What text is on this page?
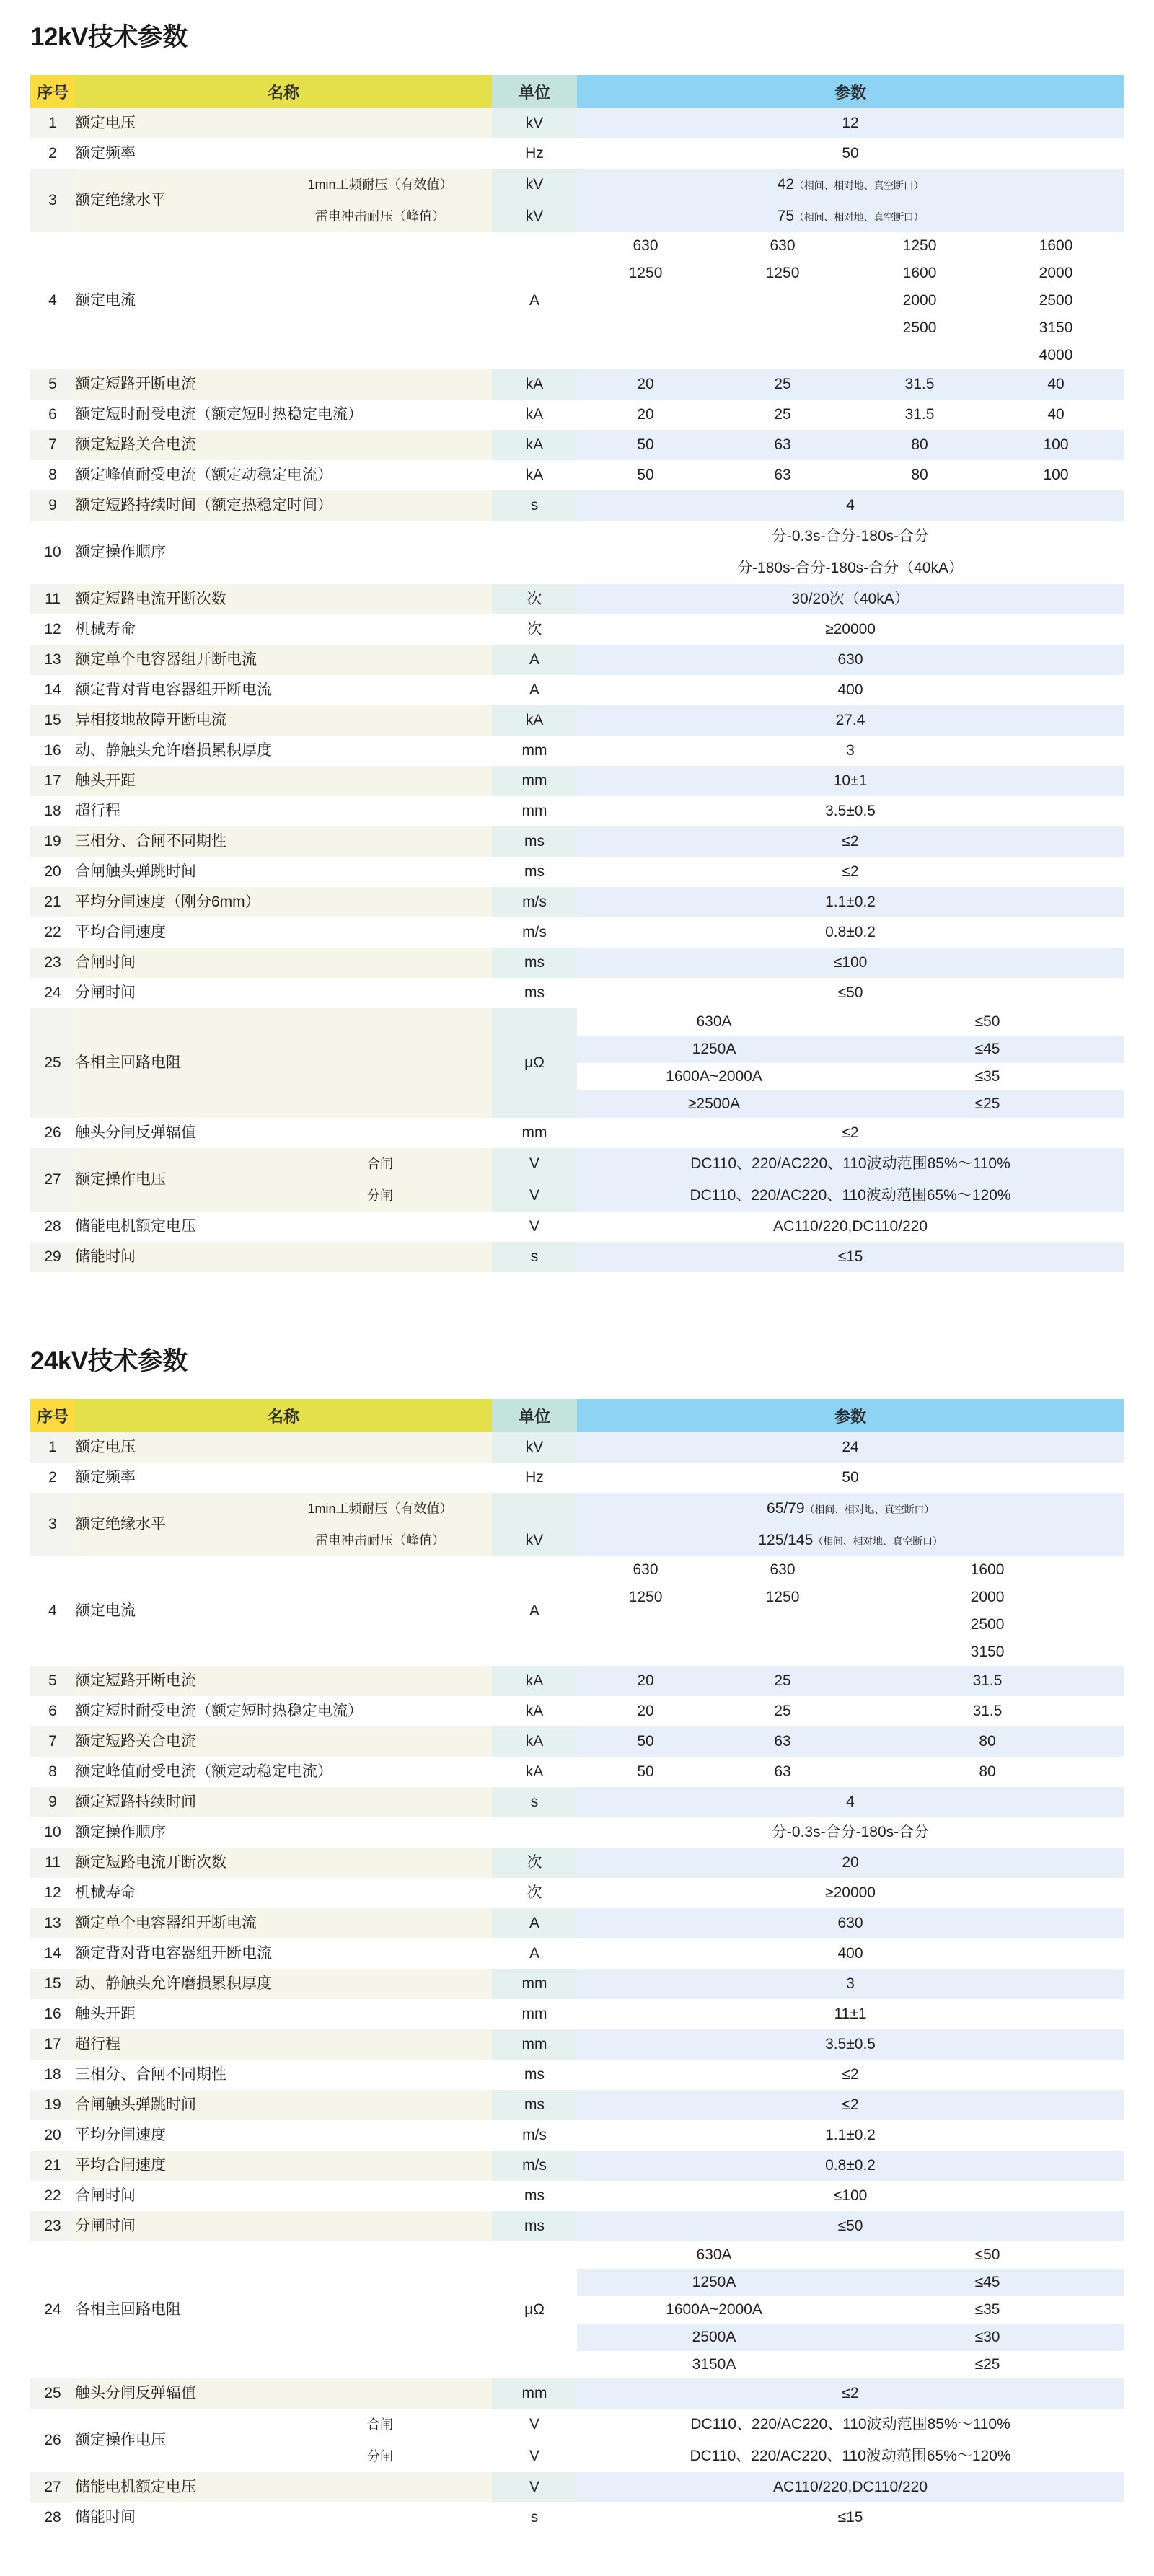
12kV技术参数
序号	名称		单位	参数			
1	额定电压		kV	12			
2	额定频率		Hz	50			
3	额定绝缘水平	1min工频耐压（有效值）	kV	42（相间、相对地、真空断口）			
		雷电冲击耐压（峰值）	kV	75（相间、相对地、真空断口）			
4	额定电流		A	630	630	1250	1600
				1250	1250	1600	2000
						2000	2500
						2500	3150
							4000
5	额定短路开断电流		kA	20	25	31.5	40
6	额定短时耐受电流（额定短时热稳定电流）		kA	20	25	31.5	40
7	额定短路关合电流		kA	50	63	80	100
8	额定峰值耐受电流（额定动稳定电流）		kA	50	63	80	100
9	额定短路持续时间（额定热稳定时间）		s	4			
10	额定操作顺序			分-0.3s-合分-180s-合分			
				分-180s-合分-180s-合分（40kA）			
11	额定短路电流开断次数		次	30/20次（40kA）			
12	机械寿命		次	≥20000			
13	额定单个电容器组开断电流		A	630			
14	额定背对背电容器组开断电流		A	400			
15	异相接地故障开断电流		kA	27.4			
16	动、静触头允许磨损累积厚度		mm	3			
17	触头开距		mm	10±1			
18	超行程		mm	3.5±0.5			
19	三相分、合闸不同期性		ms	≤2			
20	合闸触头弹跳时间		ms	≤2			
21	平均分闸速度（刚分6mm）		m/s	1.1±0.2			
22	平均合闸速度		m/s	0.8±0.2			
23	合闸时间		ms	≤100			
24	分闸时间		ms	≤50			
25	各相主回路电阻		μΩ	630A		≤50	
				1250A		≤45	
				1600A~2000A		≤35	
				≥2500A		≤25	
26	触头分闸反弹辐值		mm	≤2			
27	额定操作电压	合闸	V	DC110、220/AC220、110波动范围85%～110%			
		分闸	V	DC110、220/AC220、110波动范围65%～120%			
28	储能电机额定电压		V	AC110/220,DC110/220			
29	储能时间		s	≤15			
24kV技术参数
序号	名称		单位	参数		
1	额定电压		kV	24		
2	额定频率		Hz	50		
3	额定绝缘水平	1min工频耐压（有效值）		65/79（相间、相对地、真空断口）		
		雷电冲击耐压（峰值）	kV	125/145（相间、相对地、真空断口）		
4	额定电流		A	630	630	1600
				1250	1250	2000
						2500
						3150
5	额定短路开断电流		kA	20	25	31.5
6	额定短时耐受电流（额定短时热稳定电流）		kA	20	25	31.5
7	额定短路关合电流		kA	50	63	80
8	额定峰值耐受电流（额定动稳定电流）		kA	50	63	80
9	额定短路持续时间		s	4		
10	额定操作顺序			分-0.3s-合分-180s-合分		
11	额定短路电流开断次数		次	20		
12	机械寿命		次	≥20000		
13	额定单个电容器组开断电流		A	630		
14	额定背对背电容器组开断电流		A	400		
15	动、静触头允许磨损累积厚度		mm	3		
16	触头开距		mm	11±1		
17	超行程		mm	3.5±0.5		
18	三相分、合闸不同期性		ms	≤2		
19	合闸触头弹跳时间		ms	≤2		
20	平均分闸速度		m/s	1.1±0.2		
21	平均合闸速度		m/s	0.8±0.2		
22	合闸时间		ms	≤100		
23	分闸时间		ms	≤50		
24	各相主回路电阻		μΩ	630A		≤50
				1250A		≤45
				1600A~2000A		≤35
				2500A		≤30
				3150A		≤25
25	触头分闸反弹辐值		mm	≤2		
26	额定操作电压	合闸	V	DC110、220/AC220、110波动范围85%～110%		
		分闸	V	DC110、220/AC220、110波动范围65%～120%		
27	储能电机额定电压		V	AC110/220,DC110/220		
28	储能时间		s	≤15		
